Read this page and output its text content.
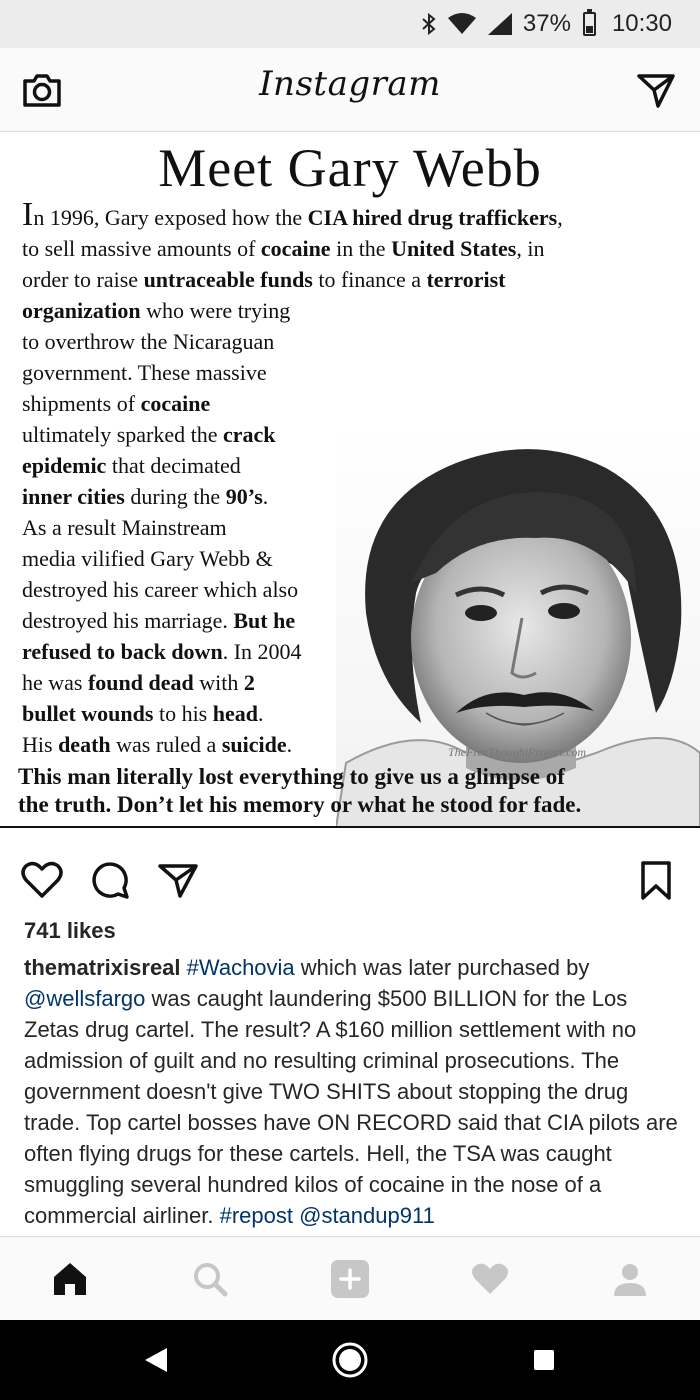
37% 10:30
Instagram
Meet Gary Webb
In 1996, Gary exposed how the CIA hired drug traffickers,
to sell massive amounts of cocaine in the United States, in
order to raise untraceable funds to finance a terrorist
organization who were trying
to overthrow the Nicaraguan
government. These massive
shipments of cocaine
ultimately sparked the crack
epidemic that decimated
inner cities during the 90’s.
As a result Mainstream
media vilified Gary Webb &
destroyed his career which also
destroyed his marriage. But he
refused to back down. In 2004
he was found dead with 2
bullet wounds to his head.
His death was ruled a suicide.	TheFreeThoughtProject.com
This man literally lost everything to give us a glimpse of
the truth. Don’t let his memory or what he stood for fade.
741 likes
thematrixisreal #Wachovia which was later purchased by @wellsfargo was caught laundering $500 BILLION for the Los Zetas drug cartel. The result? A $160 million settlement with no admission of guilt and no resulting criminal prosecutions. The government doesn't give TWO SHITS about stopping the drug trade. Top cartel bosses have ON RECORD said that CIA pilots are often flying drugs for these cartels. Hell, the TSA was caught smuggling several hundred kilos of cocaine in the nose of a commercial airliner. #repost @standup911
